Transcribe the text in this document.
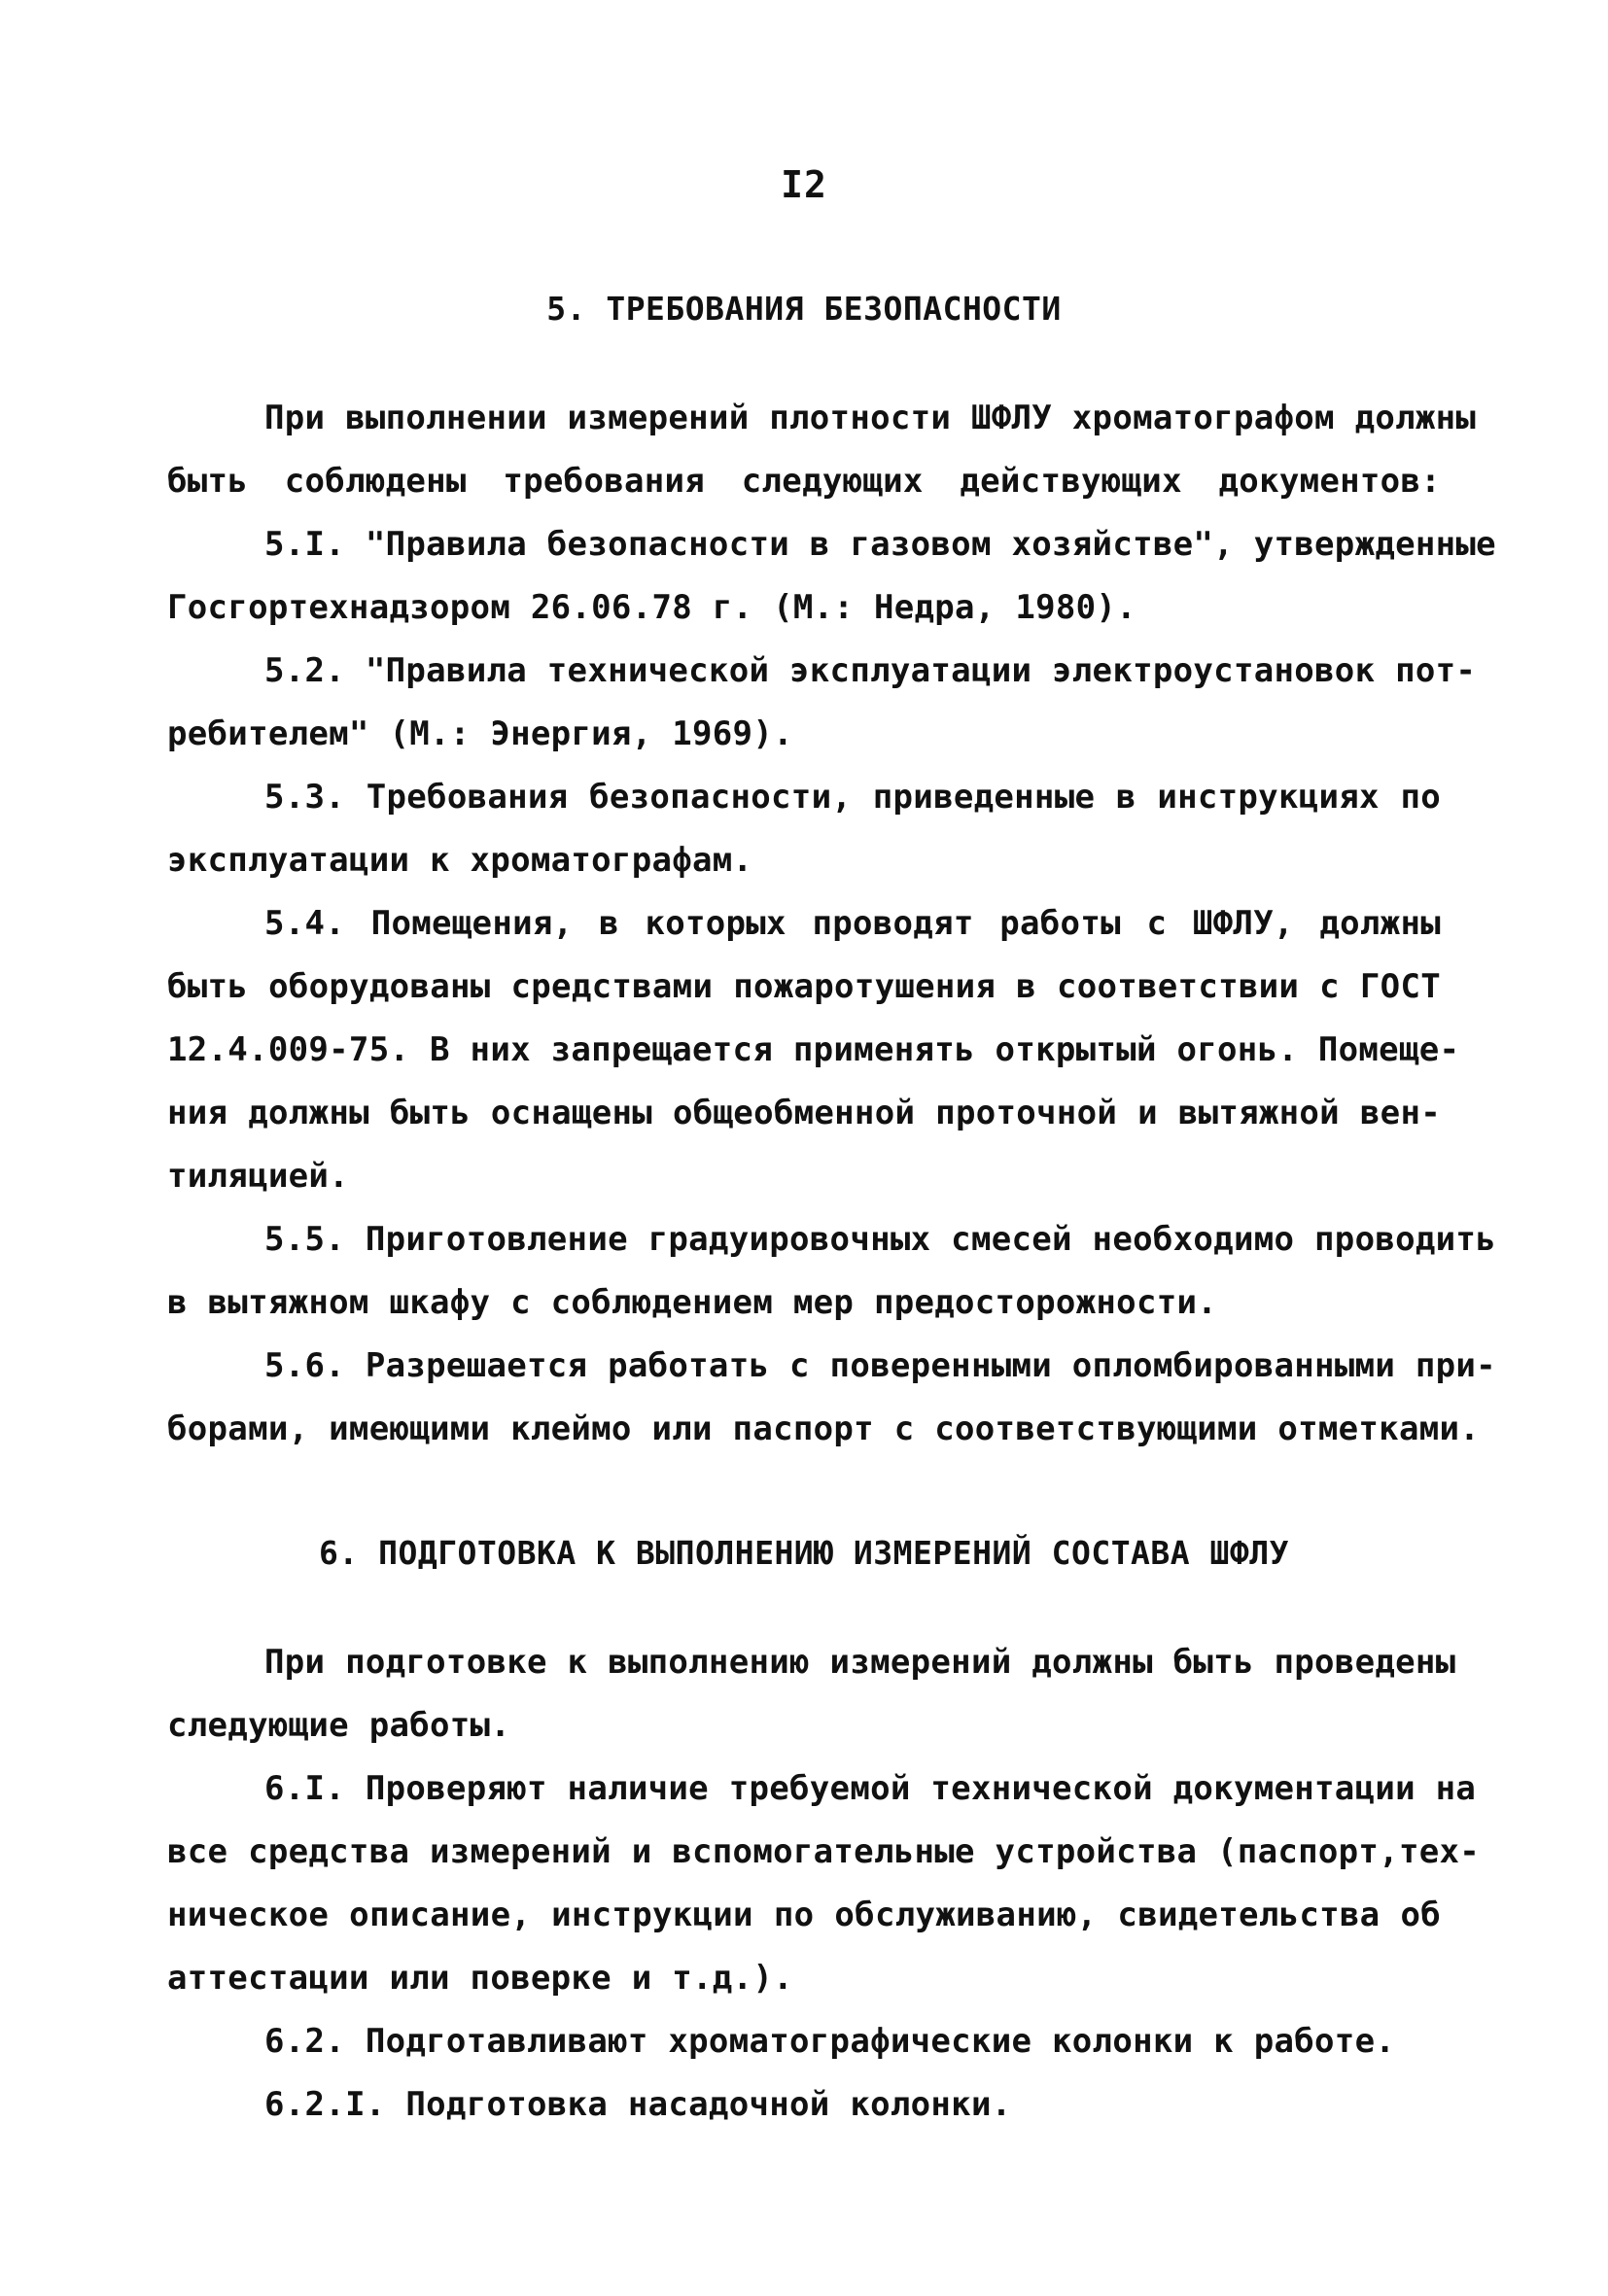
I2
5. ТРЕБОВАНИЯ БЕЗОПАСНОСТИ
При выполнении измерений плотности ШФЛУ хроматографом должны
быть соблюдены требования следующих действующих документов:
5.I. "Правила безопасности в газовом хозяйстве", утвержденные
Госгортехнадзором 26.06.78 г. (М.: Недра, 1980).
5.2. "Правила технической эксплуатации электроустановок пот-
ребителем" (М.: Энергия, 1969).
5.3. Требования безопасности, приведенные в инструкциях по
эксплуатации к хроматографам.
5.4. Помещения, в которых проводят работы с ШФЛУ, должны
быть оборудованы средствами пожаротушения в соответствии с ГОСТ
12.4.009-75. В них запрещается применять открытый огонь. Помеще-
ния должны быть оснащены общеобменной проточной и вытяжной вен-
тиляцией.
5.5. Приготовление градуировочных смесей необходимо проводить
в вытяжном шкафу с соблюдением мер предосторожности.
5.6. Разрешается работать с поверенными опломбированными при-
борами, имеющими клеймо или паспорт с соответствующими отметками.
6. ПОДГОТОВКА К ВЫПОЛНЕНИЮ ИЗМЕРЕНИЙ СОСТАВА ШФЛУ
При подготовке к выполнению измерений должны быть проведены
следующие работы.
6.I. Проверяют наличие требуемой технической документации на
все средства измерений и вспомогательные устройства (паспорт,тех-
ническое описание, инструкции по обслуживанию, свидетельства об
аттестации или поверке и т.д.).
6.2. Подготавливают хроматографические колонки к работе.
6.2.I. Подготовка насадочной колонки.
